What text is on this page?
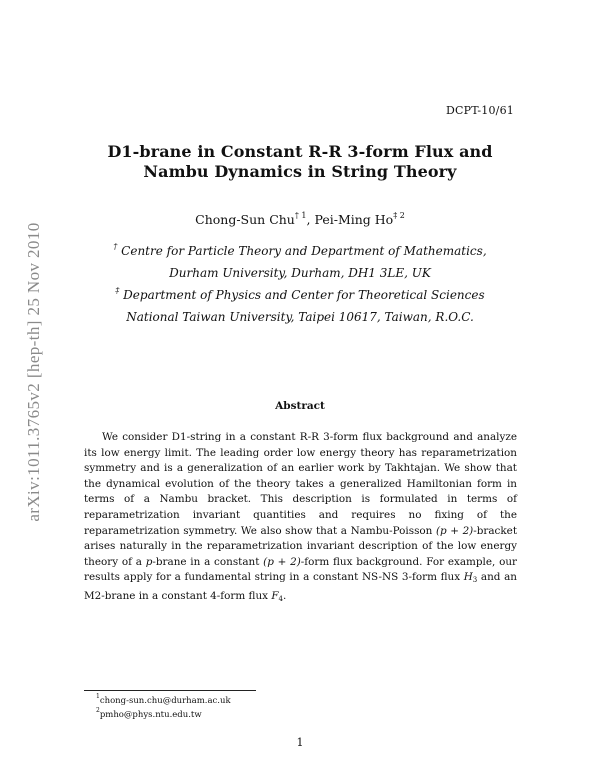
DCPT-10/61
arXiv:1011.3765v2 [hep-th] 25 Nov 2010
D1-brane in Constant R-R 3-form Flux and
Nambu Dynamics in String Theory
Chong-Sun Chu$^{\dagger 1}$, Pei-Ming Ho$^{\ddagger 2}$
† Centre for Particle Theory and Department of Mathematics,
Durham University, Durham, DH1 3LE, UK
‡ Department of Physics and Center for Theoretical Sciences
National Taiwan University, Taipei 10617, Taiwan, R.O.C.
Abstract
We consider D1-string in a constant R-R 3-form flux background and analyze its low energy limit. The leading order low energy theory has reparametrization symmetry and is a generalization of an earlier work by Takhtajan. We show that the dynamical evolution of the theory takes a generalized Hamiltonian form in terms of a Nambu bracket. This description is formulated in terms of reparametrization invariant quantities and requires no fixing of the reparametrization symmetry. We also show that a Nambu-Poisson (p + 2)-bracket arises naturally in the reparametrization invariant description of the low energy theory of a p-brane in a constant (p + 2)-form flux background. For example, our results apply for a fundamental string in a constant NS-NS 3-form flux $H_3$ and an M2-brane in a constant 4-form flux $F_4$.
$^1$chong-sun.chu@durham.ac.uk
$^2$pmho@phys.ntu.edu.tw
1
